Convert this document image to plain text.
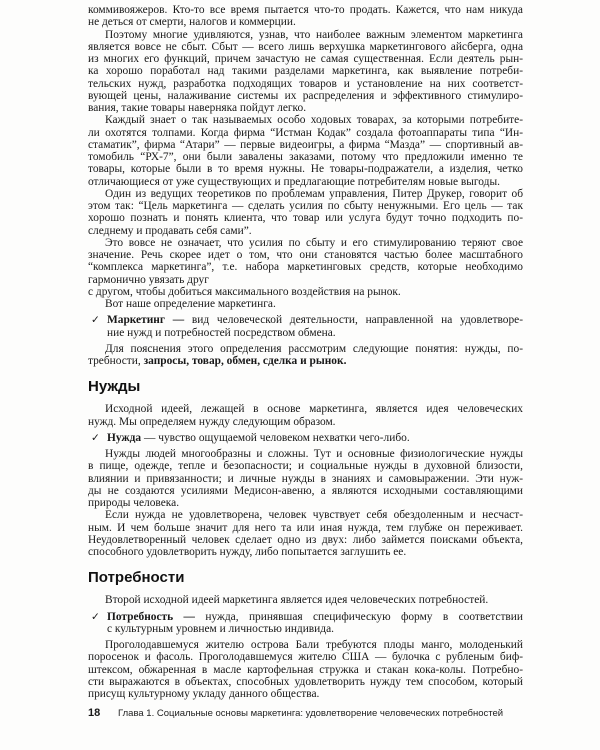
коммивояжеров. Кто-то все время пытается что-то продать. Кажется, что нам никуда
не деться от смерти, налогов и коммерции.
Поэтому многие удивляются, узнав, что наиболее важным элементом маркетинга
является вовсе не сбыт. Сбыт — всего лишь верхушка маркетингового айсберга, одна
из многих его функций, причем зачастую не самая существенная. Если деятель рын-
ка хорошо поработал над такими разделами маркетинга, как выявление потреби-
тельских нужд, разработка подходящих товаров и установление на них соответст-
вующей цены, налаживание системы их распределения и эффективного стимулиро-
вания, такие товары наверняка пойдут легко.
Каждый знает о так называемых особо ходовых товарах, за которыми потребите-
ли охотятся толпами. Когда фирма “Истман Кодак” создала фотоаппараты типа “Ин-
стаматик”, фирма “Атари” — первые видеоигры, а фирма “Мазда” — спортивный ав-
томобиль “РХ-7”, они были завалены заказами, потому что предложили именно те
товары, которые были в то время нужны. Не товары-подражатели, а изделия, четко
отличающиеся от уже существующих и предлагающие потребителям новые выгоды.
Один из ведущих теоретиков по проблемам управления, Питер Друкер, говорит об
этом так: “Цель маркетинга — сделать усилия по сбыту ненужными. Его цель — так
хорошо познать и понять клиента, что товар или услуга будут точно подходить по-
следнему и продавать себя сами”.
Это вовсе не означает, что усилия по сбыту и его стимулированию теряют свое
значение. Речь скорее идет о том, что они становятся частью более масштабного
“комплекса маркетинга”, т.е. набора маркетинговых средств, которые необходимо
гармонично увязать друг
с другом, чтобы добиться максимального воздействия на рынок.
Вот наше определение маркетинга.
✓ Маркетинг — вид человеческой деятельности, направленной на удовлетворе-
ние нужд и потребностей посредством обмена.
Для пояснения этого определения рассмотрим следующие понятия: нужды, по-
требности, запросы, товар, обмен, сделка и рынок.
Нужды
Исходной идеей, лежащей в основе маркетинга, является идея человеческих
нужд. Мы определяем нужду следующим образом.
✓ Нужда — чувство ощущаемой человеком нехватки чего-либо.
Нужды людей многообразны и сложны. Тут и основные физиологические нужды
в пище, одежде, тепле и безопасности; и социальные нужды в духовной близости,
влиянии и привязанности; и личные нужды в знаниях и самовыражении. Эти нуж-
ды не создаются усилиями Медисон-авеню, а являются исходными составляющими
природы человека.
Если нужда не удовлетворена, человек чувствует себя обездоленным и несчаст-
ным. И чем больше значит для него та или иная нужда, тем глубже он переживает.
Неудовлетворенный человек сделает одно из двух: либо займется поисками объекта,
способного удовлетворить нужду, либо попытается заглушить ее.
Потребности
Второй исходной идеей маркетинга является идея человеческих потребностей.
✓ Потребность — нужда, принявшая специфическую форму в соответствии
с культурным уровнем и личностью индивида.
Проголодавшемуся жителю острова Бали требуются плоды манго, молоденький
поросенок и фасоль. Проголодавшемуся жителю США — булочка с рубленым биф-
штексом, обжаренная в масле картофельная стружка и стакан кока-колы. Потребно-
сти выражаются в объектах, способных удовлетворить нужду тем способом, который
присущ культурному укладу данного общества.
18 Глава 1. Социальные основы маркетинга: удовлетворение человеческих потребностей
